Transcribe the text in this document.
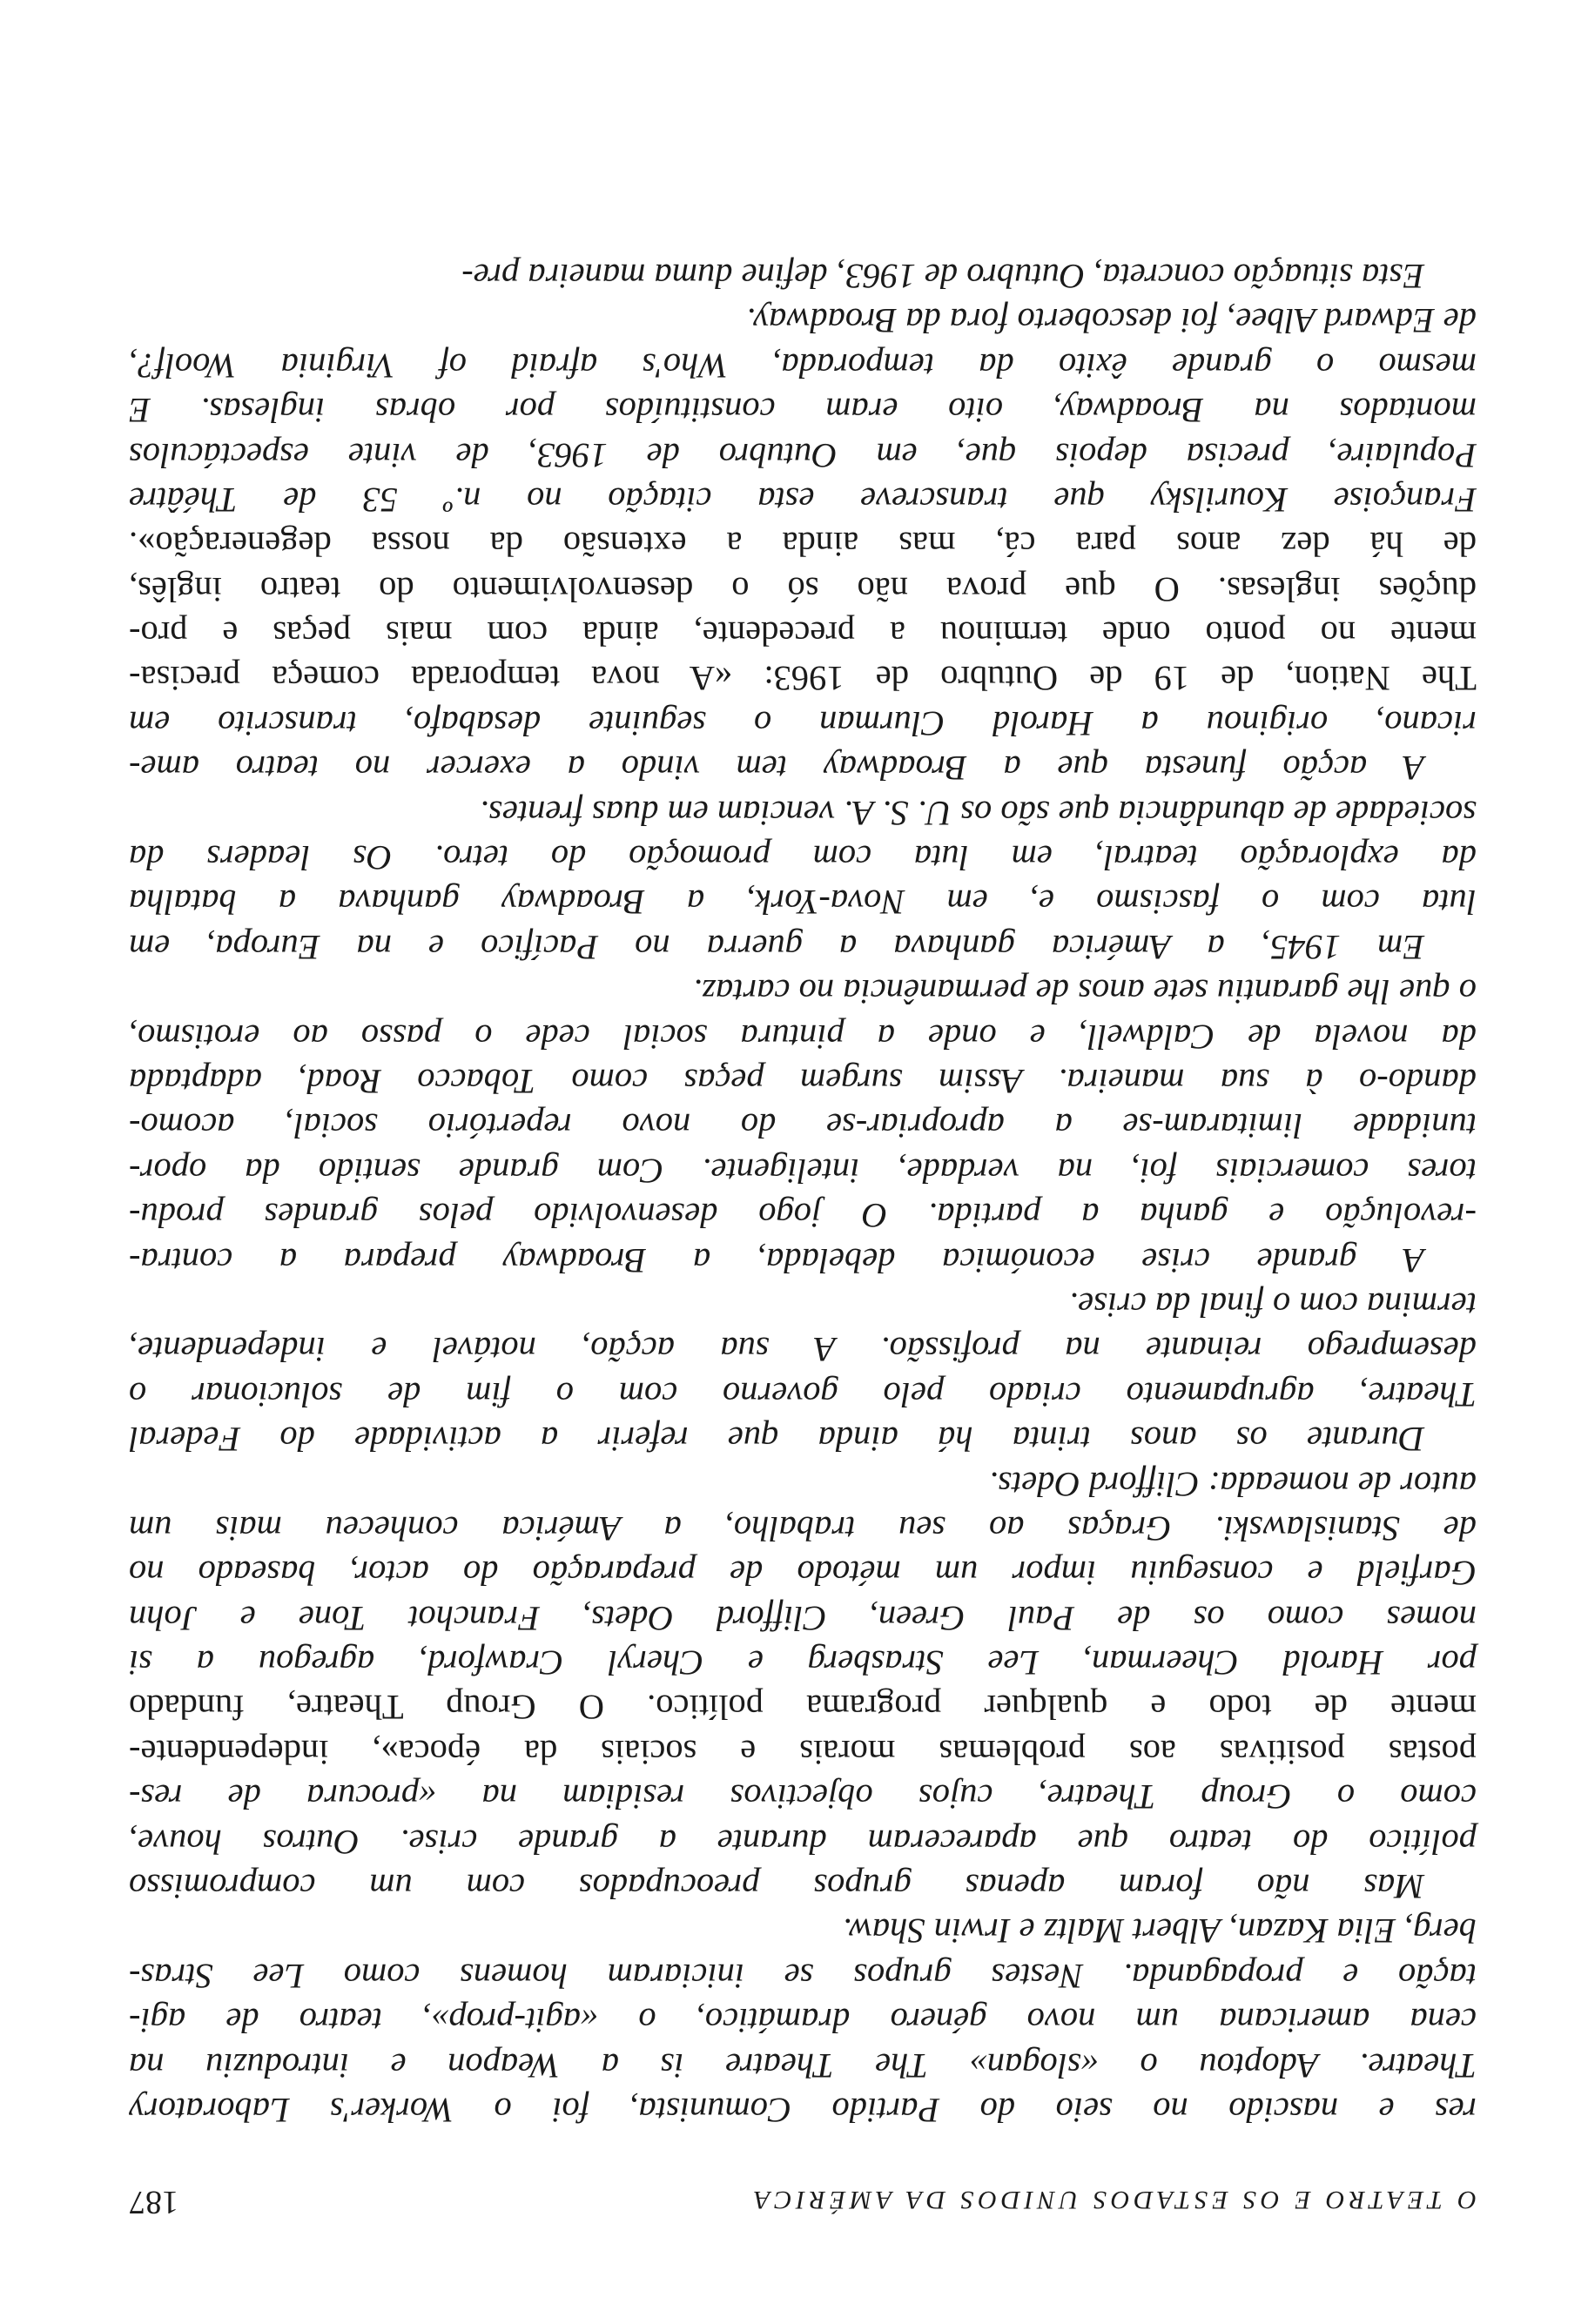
O TEATRO E OS ESTADOS UNIDOS DA AMÉRICA
187
res e nascido no seio do Partido Comunista, foi o Worker's Laboratory
Theatre. Adoptou o «slogan» The Theatre is a Weapon e introduziu na
cena americana um novo género dramático, o «agit-prop», teatro de agi-
tação e propaganda. Nestes grupos se iniciaram homens como Lee Stras-
berg, Elia Kazan, Albert Maltz e Irwin Shaw.
Mas não foram apenas grupos preocupados com um compromisso
político do teatro que apareceram durante a grande crise. Outros houve,
como o Group Theatre, cujos objectivos residiam na «procura de res-
postas positivas aos problemas morais e sociais da época», independente-
mente de todo e qualquer programa político. O Group Theatre, fundado
por Harold Cheerman, Lee Strasberg e Cheryl Crawford, agregou a si
nomes como os de Paul Green, Clifford Odets, Franchot Tone e John
Garfield e conseguiu impor um método de preparação do actor, baseado no
de Stanislawski. Graças ao seu trabalho, a América conheceu mais um
autor de nomeada: Clifford Odets.
Durante os anos trinta há ainda que referir a actividade do Federal
Theatre, agrupamento criado pelo governo com o fim de solucionar o
desemprego reinante na profissão. A sua acção, notável e independente,
termina com o final da crise.
A grande crise económica debelada, a Broadway prepara a contra-
-revolução e ganha a partida. O jogo desenvolvido pelos grandes produ-
tores comerciais foi, na verdade, inteligente. Com grande sentido da opor-
tunidade limitaram-se a apropriar-se do novo repertório social, acomo-
dando-o à sua maneira. Assim surgem peças como Tobacco Road, adaptada
da novela de Caldwell, e onde a pintura social cede o passo ao erotismo,
o que lhe garantiu sete anos de permanência no cartaz.
Em 1945, a América ganhava a guerra no Pacífico e na Europa, em
luta com o fascismo e, em Nova-York, a Broadway ganhava a batalha
da exploração teatral, em luta com promoção do tetro. Os leaders da
sociedade de abundância que são os U. S. A. venciam em duas frentes.
A acção funesta que a Broadway tem vindo a exercer no teatro ame-
ricano, originou a Harold Clurman o seguinte desabafo, transcrito em
The Nation, de 19 de Outubro de 1963: «A nova temporada começa precisa-
mente no ponto onde terminou a precedente, ainda com mais peças e pro-
duções inglesas. O que prova não só o desenvolvimento do teatro inglês,
de há dez anos para cá, mas ainda a extensão da nossa degeneração».
Françoise Kourilsky que transcreve esta citação no n.º 53 de Théâtre
Populaire, precisa depois que, em Outubro de 1963, de vinte espectáculos
montados na Broadway, oito eram constituídos por obras inglesas. E
mesmo o grande êxito da temporada, Who's afraid of Virginia Woolf?,
de Edward Albee, foi descoberto fora da Broadway.
Esta situação concreta, Outubro de 1963, define duma maneira pre-
